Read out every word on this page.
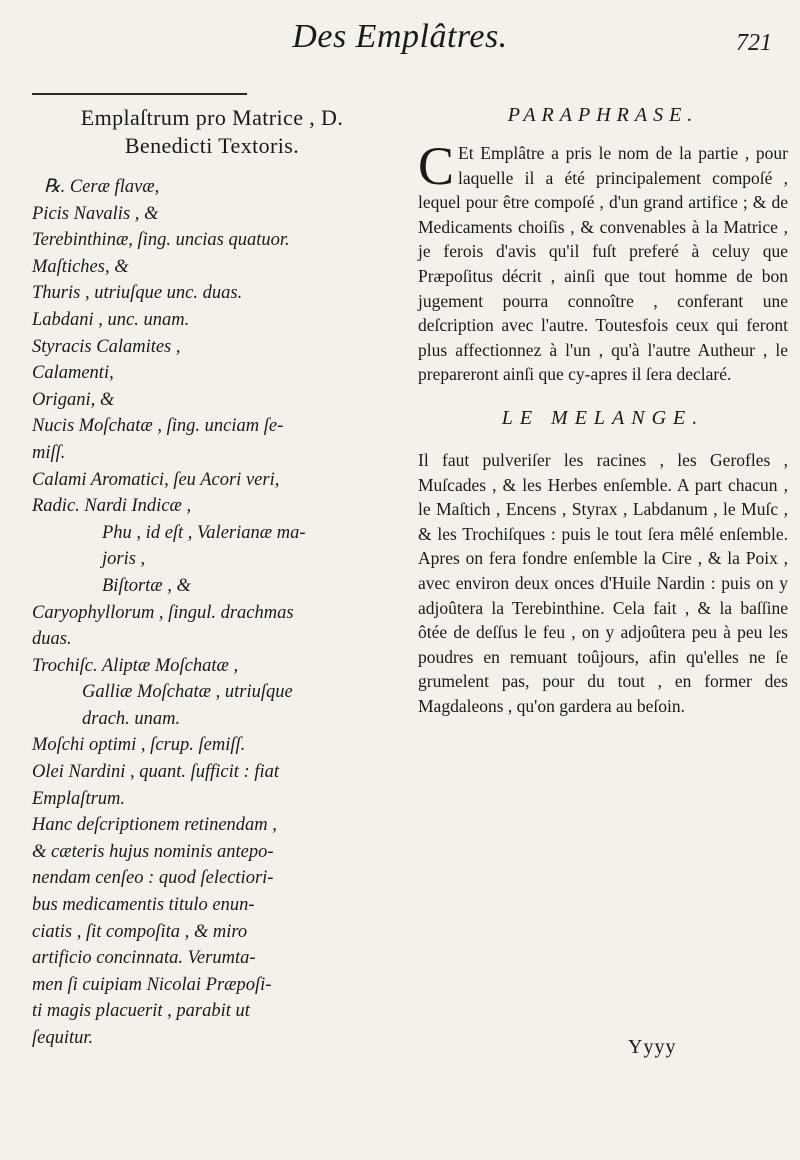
Des Emplâtres.	721
Emplaſtrum pro Matrice , D.
Benedicti Textoris.
℞. Ceræ flavæ,
Picis Navalis , &
Terebinthinæ, ſing. uncias quatuor.
Maſtiches, &
Thuris , utriuſque unc. duas.
Labdani , unc. unam.
Styracis Calamites ,
Calamenti,
Origani, &
Nucis Moſchatæ , ſing. unciam ſe-
miſſ.
Calami Aromatici, ſeu Acori veri,
Radic. Nardi Indicæ ,
Phu , id eſt , Valerianæ ma-
joris ,
Biſtortæ , &
Caryophyllorum , ſingul. drachmas
duas.
Trochiſc. Aliptæ Moſchatæ ,
Galliæ Moſchatæ , utriuſque
drach. unam.
Moſchi optimi , ſcrup. ſemiſſ.
Olei Nardini , quant. ſufficit : fiat
Emplaſtrum.
Hanc deſcriptionem retinendam ,
& cæteris hujus nominis antepo-
nendam cenſeo : quod ſelectiori-
bus medicamentis titulo enun-
ciatis , ſit compoſita , & miro
artificio concinnata. Verumta-
men ſi cuipiam Nicolai Præpoſi-
ti magis placuerit , parabit ut
ſequitur.
PARAPHRASE.

C Et Emplâtre a pris le nom de la partie , pour laquelle il a été principalement compoſé , lequel pour être compoſé , d'un grand artifice ; & de Medicaments choiſis , & convenables à la Matrice , je ferois d'avis qu'il fuſt preferé à celuy que Præpoſitus décrit , ainſi que tout homme de bon jugement pourra connoître , conferant une deſcription avec l'autre. Toutesfois ceux qui feront plus affectionnez à l'un , qu'à l'autre Autheur , le prepareront ainſi que cy-apres il ſera declaré.

LE MELANGE.

Il faut pulveriſer les racines , les Gerofles , Muſcades , & les Herbes enſemble. A part chacun , le Maſtich , Encens , Styrax , Labdanum , le Muſc , & les Trochiſques : puis le tout ſera mêlé enſemble. Apres on fera fondre enſemble la Cire , & la Poix , avec environ deux onces d'Huile Nardin : puis on y adjoûtera la Terebinthine. Cela fait , & la baſſine ôtée de deſſus le feu , on y adjoûtera peu à peu les poudres en remuant toûjours, afin qu'elles ne ſe grumelent pas, pour du tout , en former des Magdaleons , qu'on gardera au beſoin.

Yyyy
